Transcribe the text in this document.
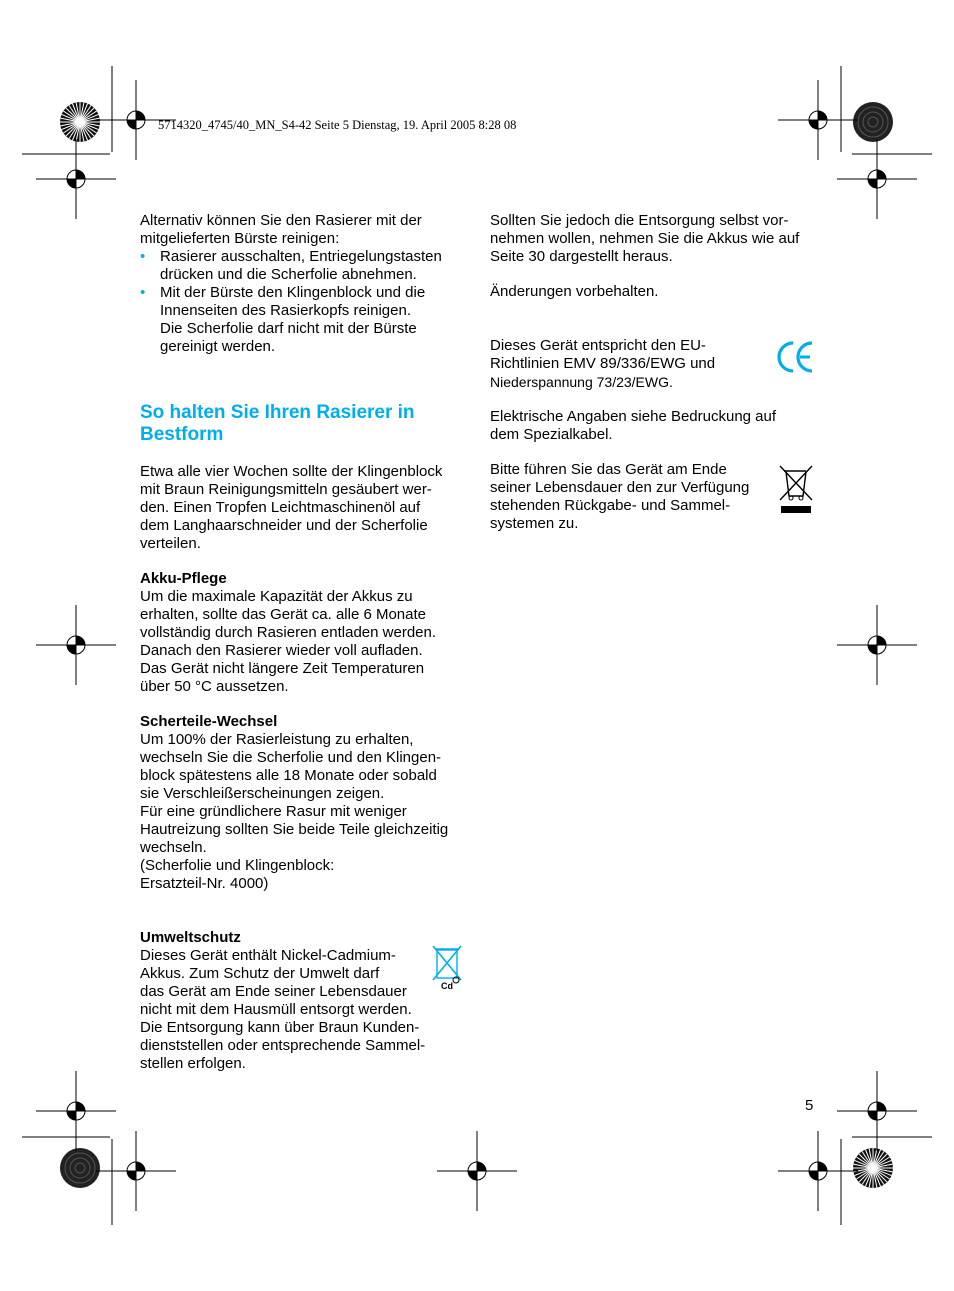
5714320_4745/40_MN_S4-42 Seite 5 Dienstag, 19. April 2005 8:28 08

Alternativ können Sie den Rasierer mit der

mitgelieferten Bürste reinigen:

• Rasierer ausschalten, Entriegelungstasten

drücken und die Scherfolie abnehmen.

• Mit der Bürste den Klingenblock und die

Innenseiten des Rasierkopfs reinigen.

Die Scherfolie darf nicht mit der Bürste

gereinigt werden.

So halten Sie Ihren Rasierer in

Bestform

Etwa alle vier Wochen sollte der Klingenblock

mit Braun Reinigungsmitteln gesäubert wer-

den. Einen Tropfen Leichtmaschinenöl auf

dem Langhaarschneider und der Scherfolie

verteilen.

Akku-Pflege

Um die maximale Kapazität der Akkus zu

erhalten, sollte das Gerät ca. alle 6 Monate

vollständig durch Rasieren entladen werden.

Danach den Rasierer wieder voll aufladen.

Das Gerät nicht längere Zeit Temperaturen

über 50 °C aussetzen.

Scherteile-Wechsel

Um 100% der Rasierleistung zu erhalten,

wechseln Sie die Scherfolie und den Klingen-

block spätestens alle 18 Monate oder sobald

sie Verschleißerscheinungen zeigen.

Für eine gründlichere Rasur mit weniger

Hautreizung sollten Sie beide Teile gleichzeitig

wechseln.

(Scherfolie und Klingenblock:

Ersatzteil-Nr. 4000)

Umweltschutz

Dieses Gerät enthält Nickel-Cadmium-

Akkus. Zum Schutz der Umwelt darf

das Gerät am Ende seiner Lebensdauer

nicht mit dem Hausmüll entsorgt werden.

Die Entsorgung kann über Braun Kunden-

dienststellen oder entsprechende Sammel-

stellen erfolgen.

Cd

Sollten Sie jedoch die Entsorgung selbst vor-

nehmen wollen, nehmen Sie die Akkus wie auf

Seite 30 dargestellt heraus.

Änderungen vorbehalten.

Dieses Gerät entspricht den EU-

Richtlinien EMV 89/336/EWG und

Niederspannung 73/23/EWG.

Elektrische Angaben siehe Bedruckung auf

dem Spezialkabel.

Bitte führen Sie das Gerät am Ende

seiner Lebensdauer den zur Verfügung

stehenden Rückgabe- und Sammel-

systemen zu.

5
